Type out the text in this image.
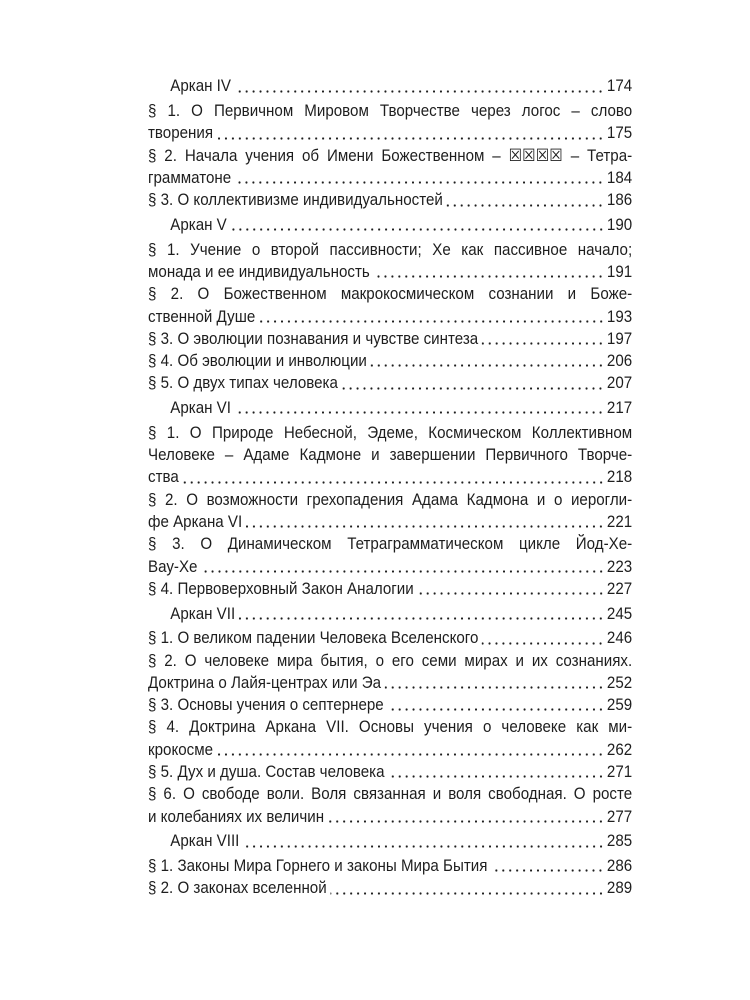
Аркан IV	174
§ 1. О Первичном Мировом Творчестве через логос – слово
творения	175
§ 2. Начала учения об Имени Божественном – ☒☒☒☒ – Тетра-
грамматоне	184
§ 3. О коллективизме индивидуальностей	186
Аркан V	190
§ 1. Учение о второй пассивности; Хе как пассивное начало;
монада и ее индивидуальность	191
§ 2. О Божественном макрокосмическом сознании и Боже-
ственной Душе	193
§ 3. О эволюции познавания и чувстве синтеза	197
§ 4. Об эволюции и инволюции	206
§ 5. О двух типах человека	207
Аркан VI	217
§ 1. О Природе Небесной, Эдеме, Космическом Коллективном
Человеке – Адаме Кадмоне и завершении Первичного Творче-
ства	218
§ 2. О возможности грехопадения Адама Кадмона и о иерогли-
фе Аркана VI	221
§ 3. О Динамическом Тетраграмматическом цикле Йод-Хе-
Вау-Хе	223
§ 4. Первоверховный Закон Аналогии	227
Аркан VII	245
§ 1. О великом падении Человека Вселенского	246
§ 2. О человеке мира бытия, о его семи мирах и их сознаниях.
Доктрина о Лайя-центрах или Эа	252
§ 3. Основы учения о септернере	259
§ 4. Доктрина Аркана VII. Основы учения о человеке как ми-
крокосме	262
§ 5. Дух и душа. Состав человека	271
§ 6. О свободе воли. Воля связанная и воля свободная. О росте
и колебаниях их величин	277
Аркан VIII	285
§ 1. Законы Мира Горнего и законы Мира Бытия	286
§ 2. О законах вселенной	289
